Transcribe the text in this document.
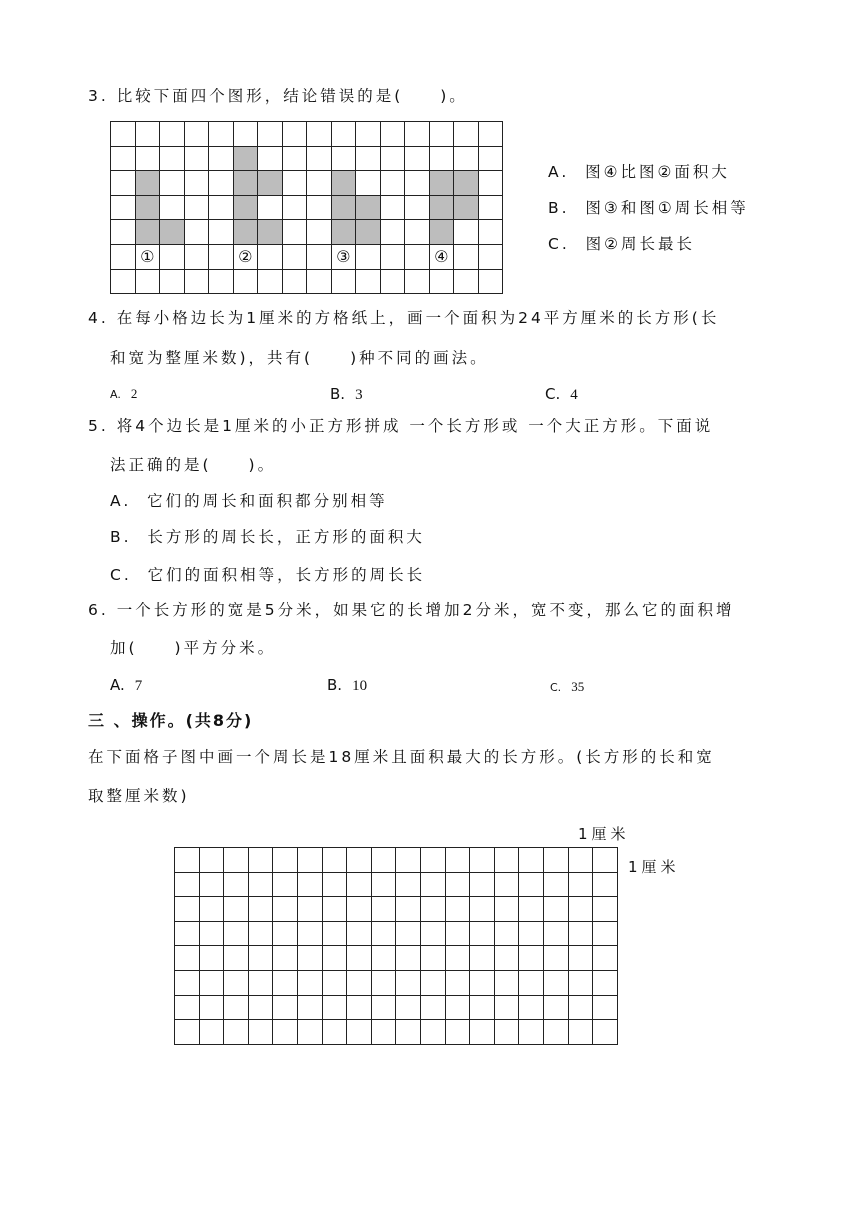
3. 比较下面四个图形，结论错误的是(　　)。

	①				②				③				④		

A. 图④比图②面积大
B. 图③和图①周长相等
C. 图②周长最长
4. 在每小格边长为1厘米的方格纸上，画一个面积为24平方厘米的长方形(长
和宽为整厘米数)，共有(　　)种不同的画法。
A. 2	B. 3	C. 4
5. 将4个边长是1厘米的小正方形拼成 一个长方形或 一个大正方形。下面说
法正确的是(　　)。
A. 它们的周长和面积都分别相等
B. 长方形的周长长，正方形的面积大
C. 它们的面积相等，长方形的周长长
6. 一个长方形的宽是5分米，如果它的长增加2分米，宽不变，那么它的面积增
加(　　)平方分米。
A. 7	B. 10	C. 35
三 、操作。(共8分)
在下面格子图中画一个周长是18厘米且面积最大的长方形。(长方形的长和宽
取整厘米数)
1厘米
1厘米
